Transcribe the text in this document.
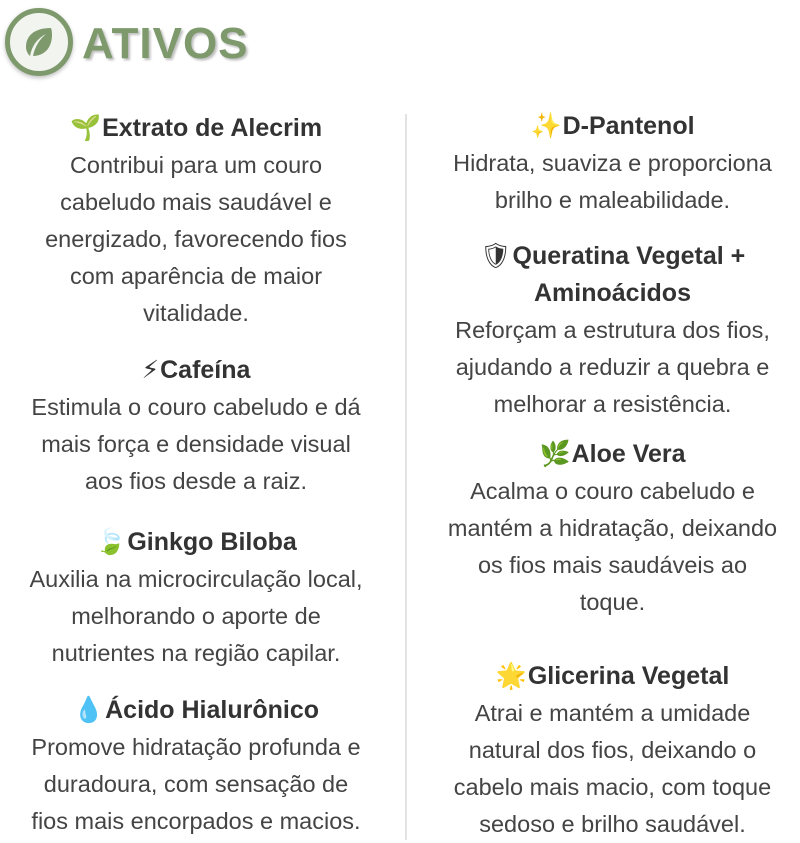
ATIVOS
🌱Extrato de Alecrim
Contribui para um couro
cabeludo mais saudável e
energizado, favorecendo fios
com aparência de maior
vitalidade.
⚡Cafeína
Estimula o couro cabeludo e dá
mais força e densidade visual
aos fios desde a raiz.
🍃Ginkgo Biloba
Auxilia na microcirculação local,
melhorando o aporte de
nutrientes na região capilar.
💧Ácido Hialurônico
Promove hidratação profunda e
duradoura, com sensação de
fios mais encorpados e macios.
✨D-Pantenol
Hidrata, suaviza e proporciona
brilho e maleabilidade.
🛡Queratina Vegetal +
Aminoácidos
Reforçam a estrutura dos fios,
ajudando a reduzir a quebra e
melhorar a resistência.
🌿Aloe Vera
Acalma o couro cabeludo e
mantém a hidratação, deixando
os fios mais saudáveis ao
toque.
🌟Glicerina Vegetal
Atrai e mantém a umidade
natural dos fios, deixando o
cabelo mais macio, com toque
sedoso e brilho saudável.
